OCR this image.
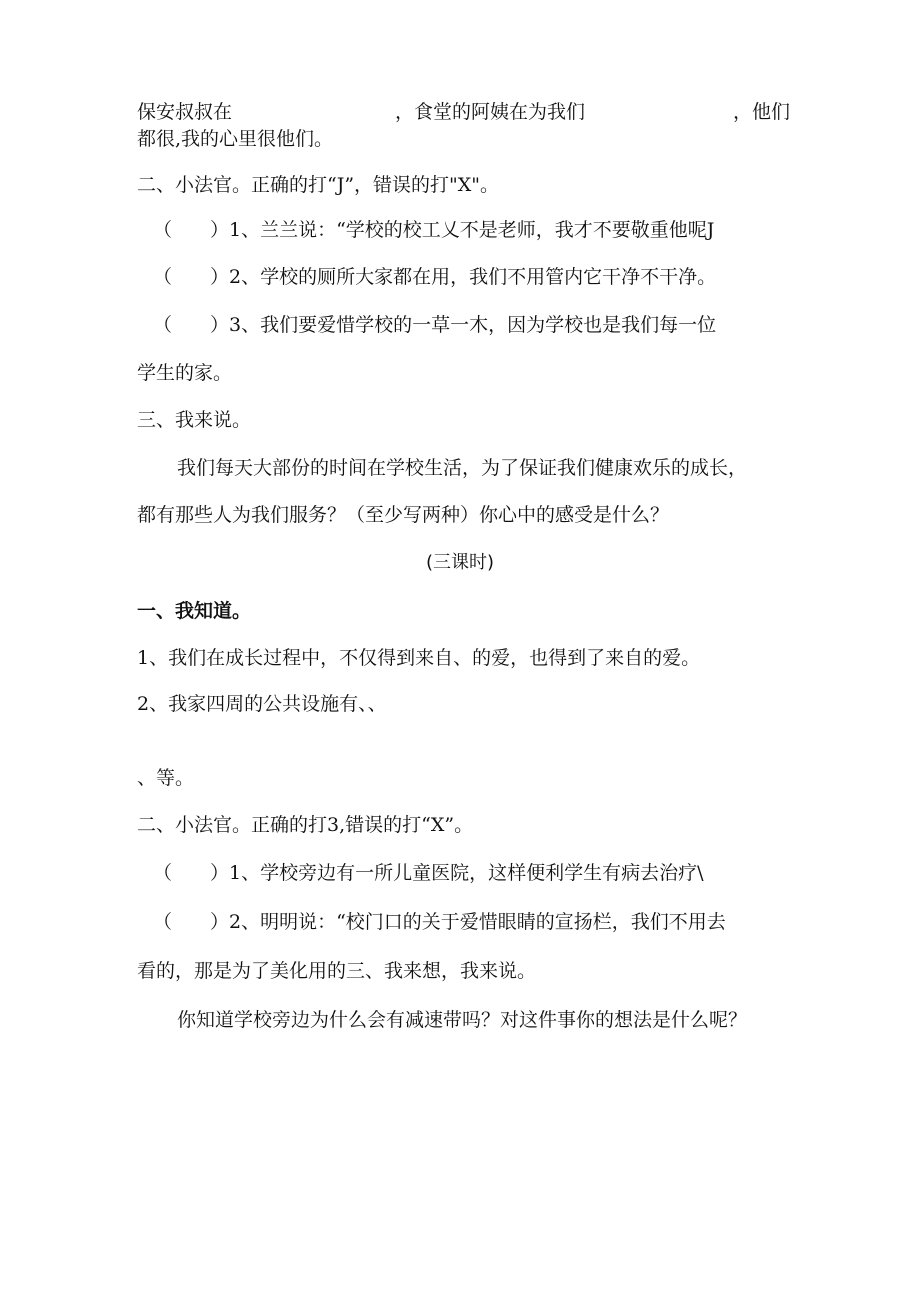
保安叔叔在	，食堂的阿姨在为我们	，他们
都很,我的心里很他们。
二、小法官。正确的打“J”，错误的打"X"。
（　　）1、兰兰说：“学校的校工乂不是老师，我才不要敬重他呢J
（　　）2、学校的厕所大家都在用，我们不用管内它干净不干净。
（　　）3、我们要爱惜学校的一草一木，因为学校也是我们每一位
学生的家。
三、我来说。
我们每天大部份的时间在学校生活，为了保证我们健康欢乐的成长，
都有那些人为我们服务？（至少写两种）你心中的感受是什么？
(三课时)
一、我知道。
1、我们在成长过程中，不仅得到来自、的爱，也得到了来自的爱。
2、我家四周的公共设施有、、
、等。
二、小法官。正确的打3,错误的打“X”。
（　　）1、学校旁边有一所儿童医院，这样便利学生有病去治疗\
（　　）2、明明说：“校门口的关于爱惜眼睛的宣扬栏，我们不用去
看的，那是为了美化用的三、我来想，我来说。
你知道学校旁边为什么会有减速带吗？对这件事你的想法是什么呢？
